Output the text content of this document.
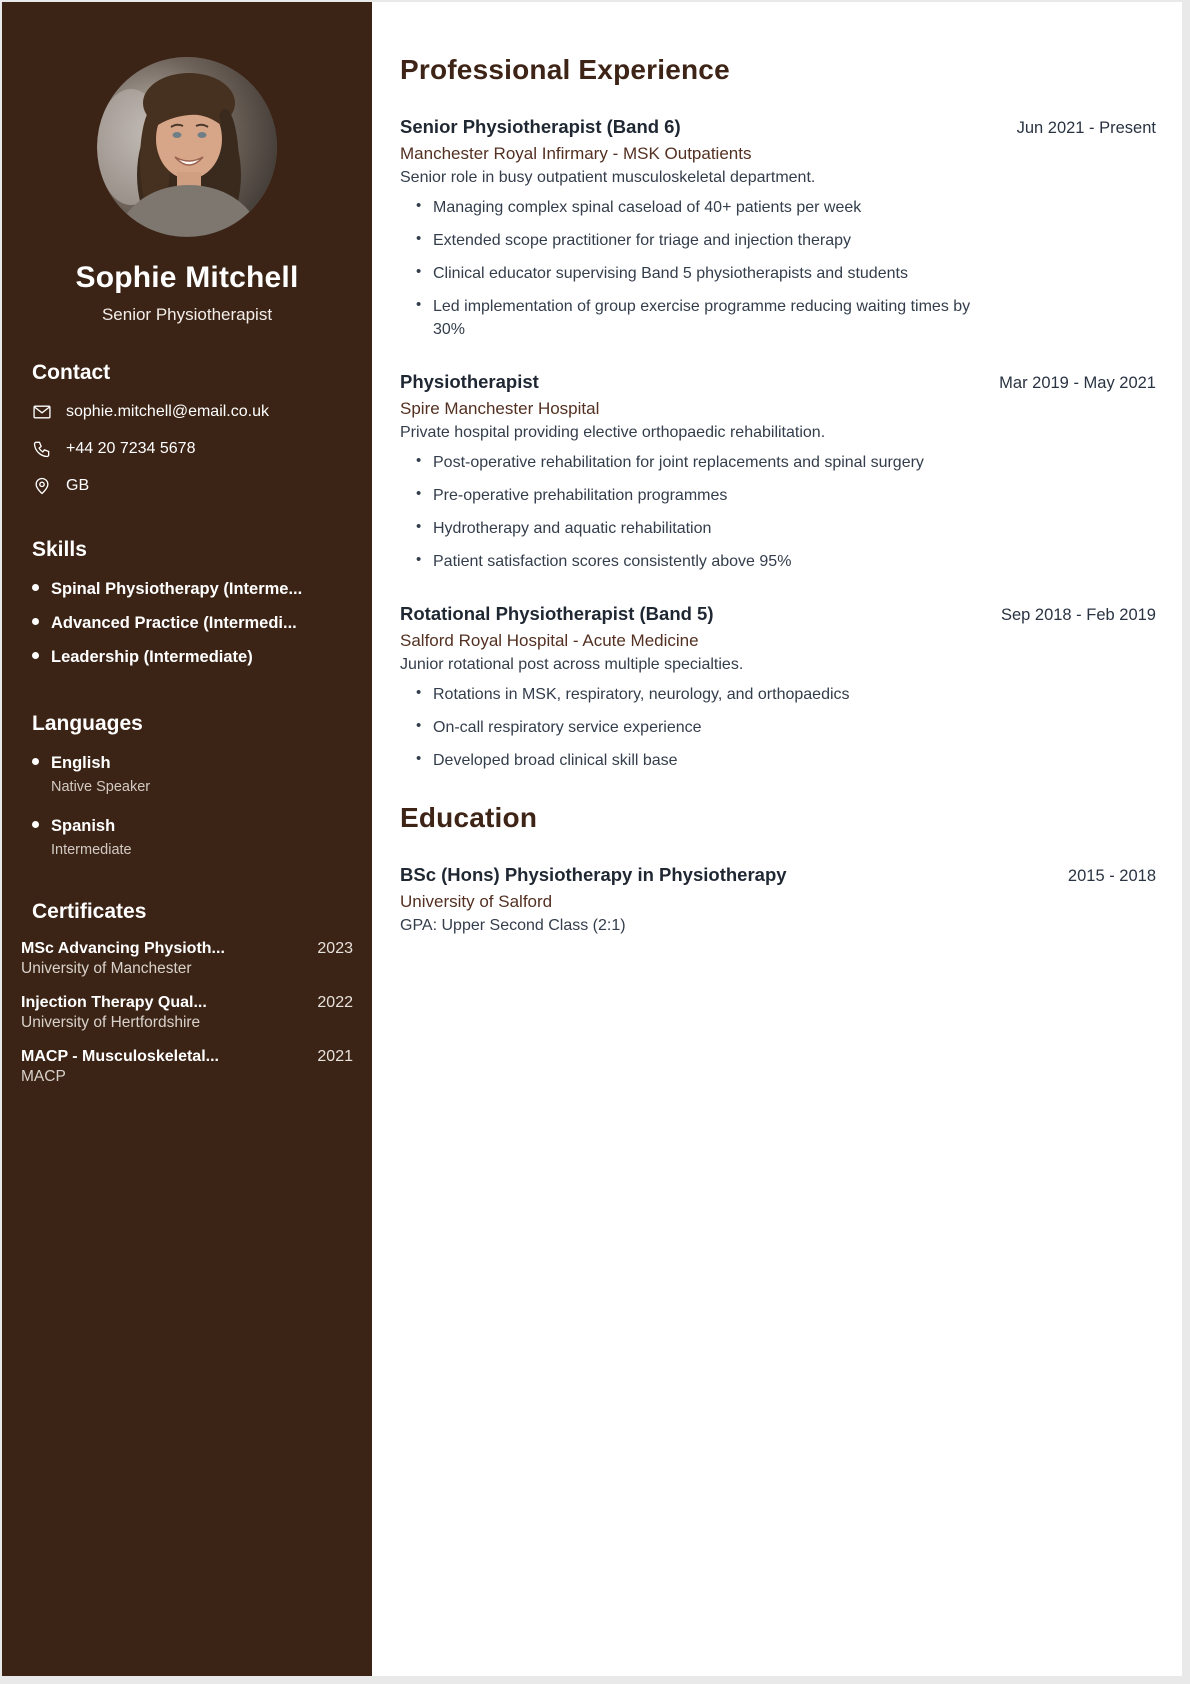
Sophie Mitchell
Senior Physiotherapist
Contact
sophie.mitchell@email.co.uk
+44 20 7234 5678
GB
Skills
Spinal Physiotherapy (Interme...
Advanced Practice (Intermedi...
Leadership (Intermediate)
Languages
English
Native Speaker
Spanish
Intermediate
Certificates
MSc Advancing Physioth...	2023
University of Manchester
Injection Therapy Qual...	2022
University of Hertfordshire
MACP - Musculoskeletal...	2021
MACP
Professional Experience
Senior Physiotherapist (Band 6)	Jun 2021 - Present
Manchester Royal Infirmary - MSK Outpatients
Senior role in busy outpatient musculoskeletal department.
• Managing complex spinal caseload of 40+ patients per week
• Extended scope practitioner for triage and injection therapy
• Clinical educator supervising Band 5 physiotherapists and students
• Led implementation of group exercise programme reducing waiting times by 30%
Physiotherapist	Mar 2019 - May 2021
Spire Manchester Hospital
Private hospital providing elective orthopaedic rehabilitation.
• Post-operative rehabilitation for joint replacements and spinal surgery
• Pre-operative prehabilitation programmes
• Hydrotherapy and aquatic rehabilitation
• Patient satisfaction scores consistently above 95%
Rotational Physiotherapist (Band 5)	Sep 2018 - Feb 2019
Salford Royal Hospital - Acute Medicine
Junior rotational post across multiple specialties.
• Rotations in MSK, respiratory, neurology, and orthopaedics
• On-call respiratory service experience
• Developed broad clinical skill base
Education
BSc (Hons) Physiotherapy in Physiotherapy	2015 - 2018
University of Salford
GPA: Upper Second Class (2:1)
